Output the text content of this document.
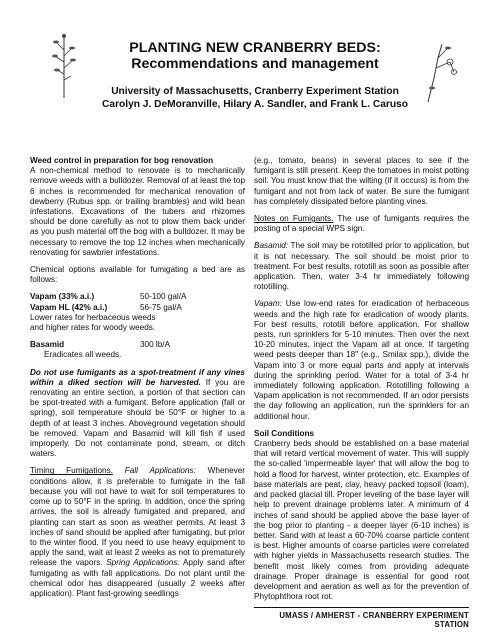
PLANTING NEW CRANBERRY BEDS:
Recommendations and management
University of Massachusetts, Cranberry Experiment Station
Carolyn J. DeMoranville, Hilary A. Sandler, and Frank L. Caruso

Weed control in preparation for bog renovation
A non-chemical method to renovate is to mechanically remove weeds with a bulldozer. Removal of at least the top 6 inches is recommended for mechanical renovation of dewberry (Rubus spp. or trailing brambles) and wild bean infestations. Excavations of the tubers and rhizomes should be done carefully as not to plow them back under as you push material off the bog with a bulldozer. It may be necessary to remove the top 12 inches when mechanically renovating for sawbrier infestations.

Chemical options available for fumigating a bed are as follows:

Vapam (33% a.i.)	50-100 gal/A
Vapam HL (42% a.i.)	56-75 gal/A

Lower rates for herbaceous weeds and higher rates for woody weeds.

Basamid	300 lb/A

Eradicates all weeds.

Do not use fumigants as a spot-treatment if any vines within a diked section will be harvested. If you are renovating an entire section, a portion of that section can be spot-treated with a fumigant. Before application (fall or spring), soil temperature should be 50°F or higher to a depth of at least 3 inches. Aboveground vegetation should be removed. Vapam and Basamid will kill fish if used improperly. Do not contaminate pond, stream, or ditch waters.

Timing Fumigations. Fall Applications: Whenever conditions allow, it is preferable to fumigate in the fall because you will not have to wait for soil temperatures to come up to 50°F in the spring. In addition, once the spring arrives, the soil is already fumigated and prepared, and planting can start as soon as weather permits. At least 3 inches of sand should be applied after fumigating, but prior to the winter flood. If you need to use heavy equipment to apply the sand, wait at least 2 weeks as not to prematurely release the vapors. Spring Applications: Apply sand after fumigating as with fall applications. Do not plant until the chemical odor has disappeared (usually 2 weeks after application). Plant fast-growing seedlings

(e.g., tomato, beans) in several places to see if the fumigant is still present. Keep the tomatoes in moist potting soil. You must know that the wilting (if it occurs) is from the fumigant and not from lack of water. Be sure the fumigant has completely dissipated before planting vines.

Notes on Fumigants. The use of fumigants requires the posting of a special WPS sign.

Basamid: The soil may be rototilled prior to application, but it is not necessary. The soil should be moist prior to treatment. For best results, rototill as soon as possible after application. Then, water 3-4 hr immediately following rototilling.

Vapam: Use low-end rates for eradication of herbaceous weeds and the high rate for eradication of woody plants. For best results, rototill before application. For shallow pests, run sprinklers for 5-10 minutes. Then over the next 10-20 minutes, inject the Vapam all at once. If targeting weed pests deeper than 18" (e.g., Smilax spp.), divide the Vapam into 3 or more equal parts and apply at intervals during the sprinkling period. Water for a total of 3-4 hr immediately following application. Rototilling following a Vapam application is not recommended. If an odor persists the day following an application, run the sprinklers for an additional hour.

Soil Conditions
Cranberry beds should be established on a base material that will retard vertical movement of water. This will supply the so-called 'impermeable layer' that will allow the bog to hold a flood for harvest, winter protection, etc. Examples of base materials are peat, clay, heavy packed topsoil (loam), and packed glacial till. Proper leveling of the base layer will help to prevent drainage problems later. A minimum of 4 inches of sand should be applied above the base layer of the bog prior to planting - a deeper layer (6-10 inches) is better. Sand with at least a 60-70% coarse particle content is best. Higher amounts of coarse particles were correlated with higher yields in Massachusetts research studies. The benefit most likely comes from providing adequate drainage. Proper drainage is essential for good root development and aeration as well as for the prevention of Phytophthora root rot.

UMASS / AMHERST - CRANBERRY EXPERIMENT STATION
